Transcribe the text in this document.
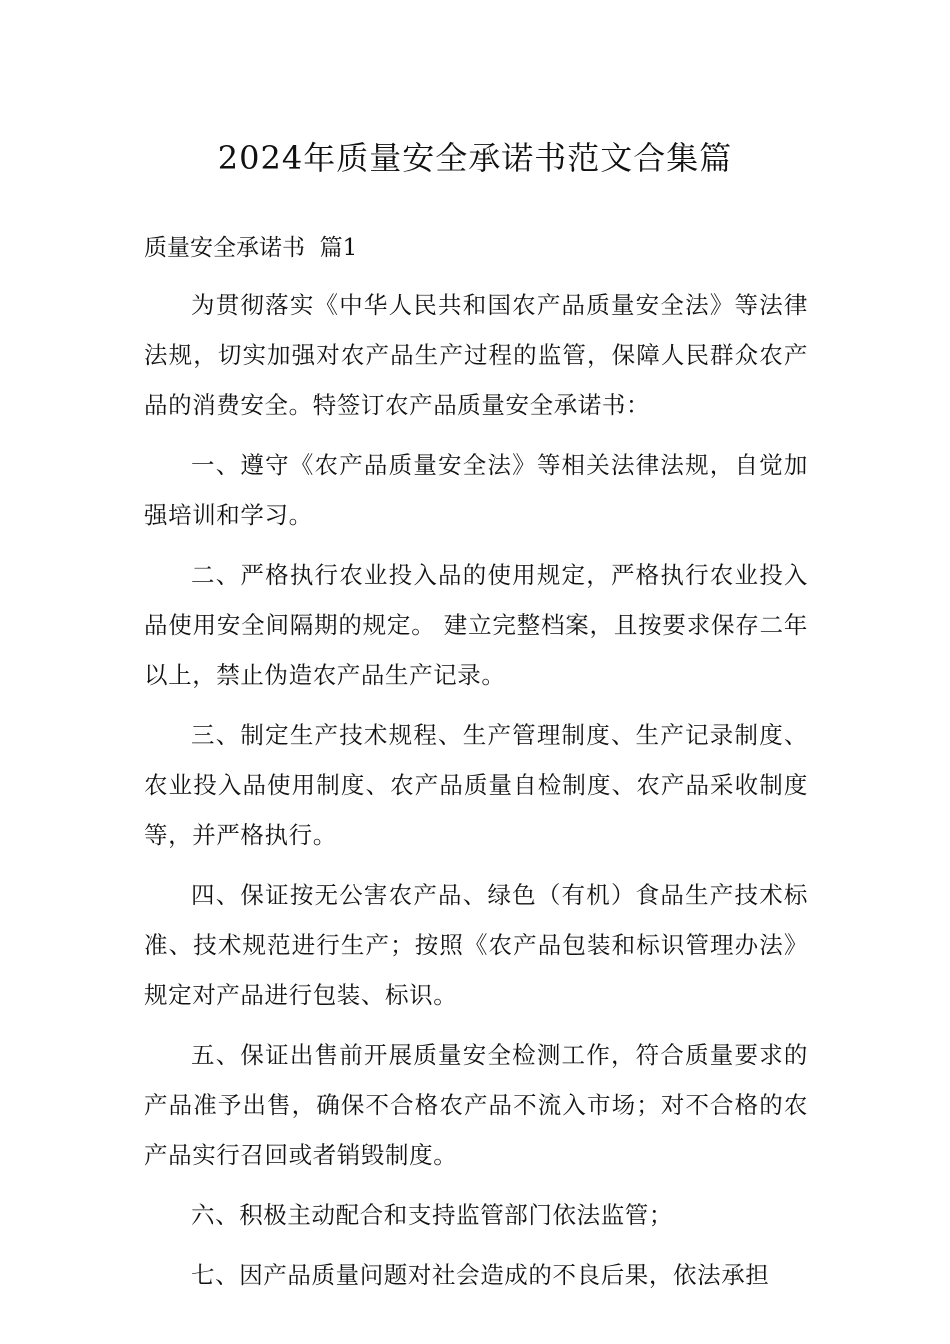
2024年质量安全承诺书范文合集篇
质量安全承诺书  篇1

为贯彻落实《中华人民共和国农产品质量安全法》等法律法规，切实加强对农产品生产过程的监管，保障人民群众农产品的消费安全。特签订农产品质量安全承诺书：

一、遵守《农产品质量安全法》等相关法律法规，自觉加强培训和学习。

二、严格执行农业投入品的使用规定，严格执行农业投入品使用安全间隔期的规定。 建立完整档案，且按要求保存二年以上，禁止伪造农产品生产记录。

三、制定生产技术规程、生产管理制度、生产记录制度、农业投入品使用制度、农产品质量自检制度、农产品采收制度等，并严格执行。

四、保证按无公害农产品、绿色（有机）食品生产技术标准、技术规范进行生产；按照《农产品包装和标识管理办法》规定对产品进行包装、标识。

五、保证出售前开展质量安全检测工作，符合质量要求的产品准予出售，确保不合格农产品不流入市场；对不合格的农产品实行召回或者销毁制度。

六、积极主动配合和支持监管部门依法监管；

七、因产品质量问题对社会造成的不良后果，依法承担
